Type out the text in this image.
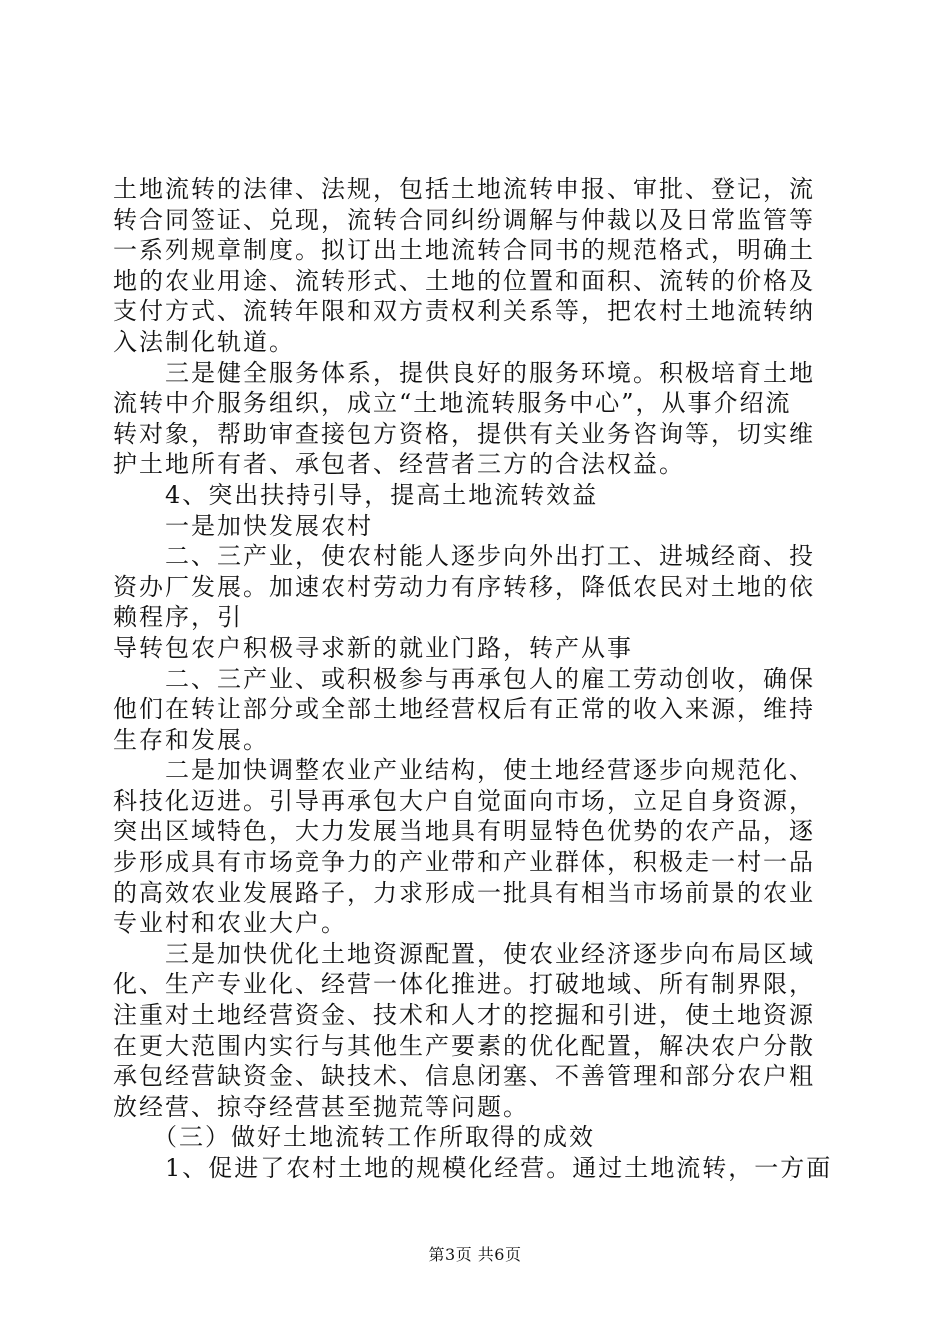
土地流转的法律、法规，包括土地流转申报、审批、登记，流
转合同签证、兑现，流转合同纠纷调解与仲裁以及日常监管等
一系列规章制度。拟订出土地流转合同书的规范格式，明确土
地的农业用途、流转形式、土地的位置和面积、流转的价格及
支付方式、流转年限和双方责权利关系等，把农村土地流转纳
入法制化轨道。
　　三是健全服务体系，提供良好的服务环境。积极培育土地
流转中介服务组织，成立“土地流转服务中心”，从事介绍流
转对象，帮助审查接包方资格，提供有关业务咨询等，切实维
护土地所有者、承包者、经营者三方的合法权益。
　　4、突出扶持引导，提高土地流转效益
　　一是加快发展农村
　　二、三产业，使农村能人逐步向外出打工、进城经商、投
资办厂发展。加速农村劳动力有序转移，降低农民对土地的依
赖程序，引
导转包农户积极寻求新的就业门路，转产从事
　　二、三产业、或积极参与再承包人的雇工劳动创收，确保
他们在转让部分或全部土地经营权后有正常的收入来源，维持
生存和发展。
　　二是加快调整农业产业结构，使土地经营逐步向规范化、
科技化迈进。引导再承包大户自觉面向市场，立足自身资源，
突出区域特色，大力发展当地具有明显特色优势的农产品，逐
步形成具有市场竞争力的产业带和产业群体，积极走一村一品
的高效农业发展路子，力求形成一批具有相当市场前景的农业
专业村和农业大户。
　　三是加快优化土地资源配置，使农业经济逐步向布局区域
化、生产专业化、经营一体化推进。打破地域、所有制界限，
注重对土地经营资金、技术和人才的挖掘和引进，使土地资源
在更大范围内实行与其他生产要素的优化配置，解决农户分散
承包经营缺资金、缺技术、信息闭塞、不善管理和部分农户粗
放经营、掠夺经营甚至抛荒等问题。
　　（三）做好土地流转工作所取得的成效
　　1、促进了农村土地的规模化经营。通过土地流转，一方面
第3页 共6页
